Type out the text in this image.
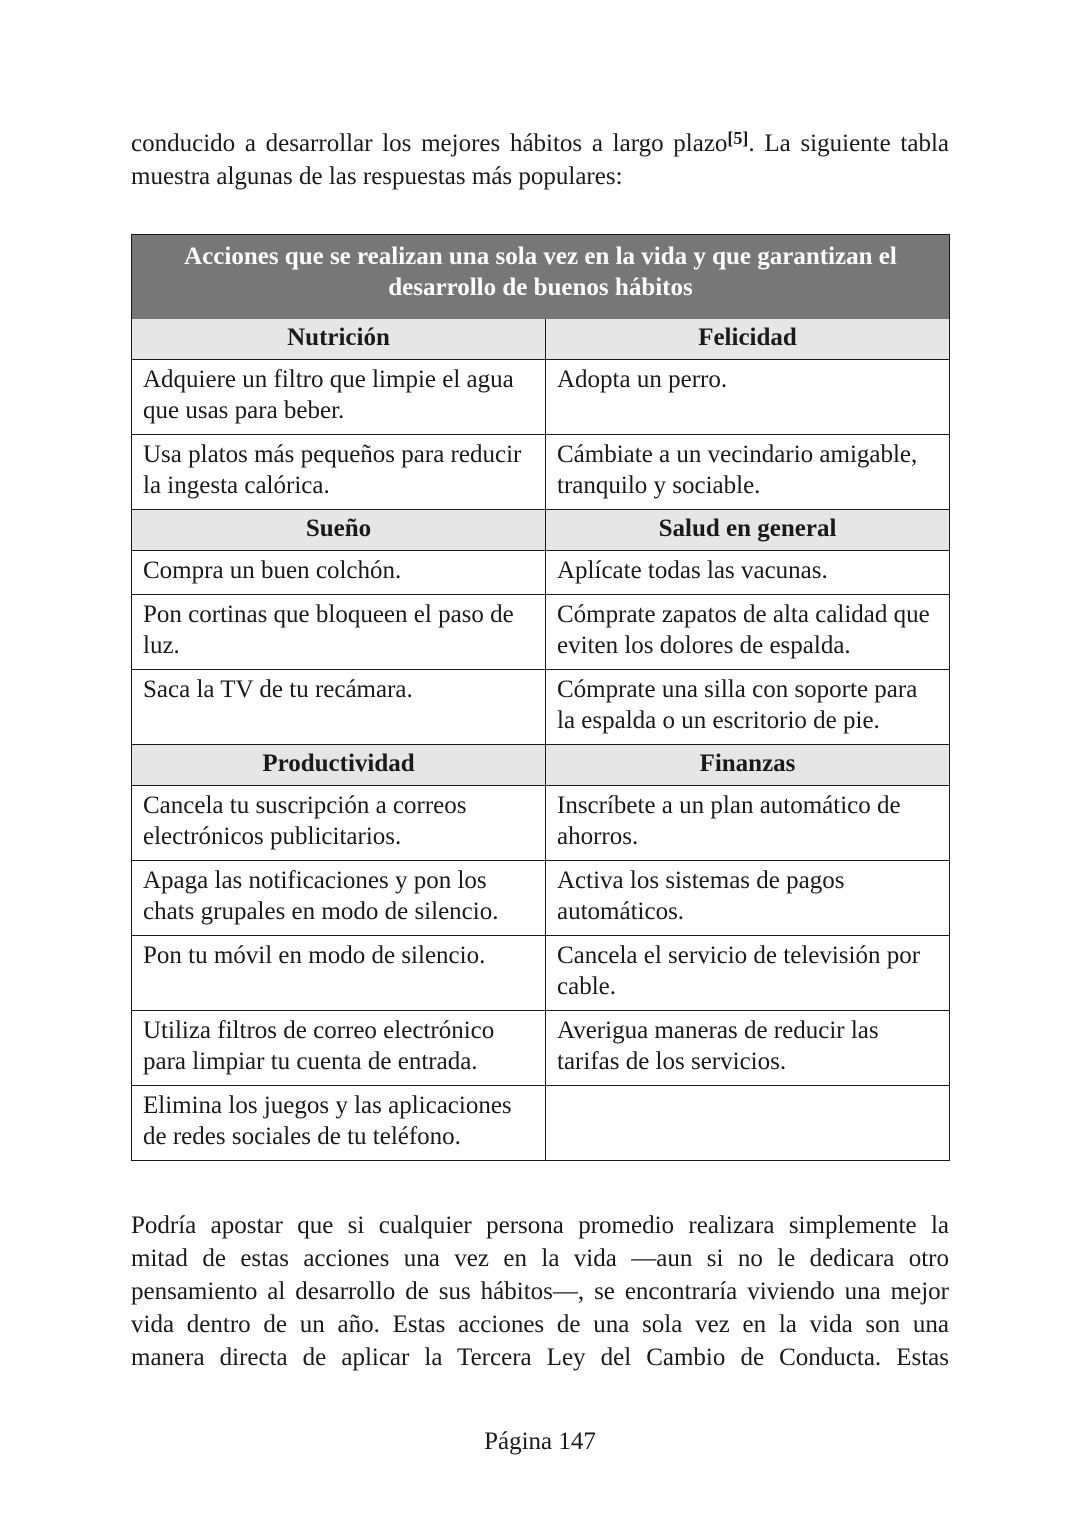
conducido a desarrollar los mejores hábitos a largo plazo[5]. La siguiente tabla
muestra algunas de las respuestas más populares:

Acciones que se realizan una sola vez en la vida y que garantizan el desarrollo de buenos hábitos	
Nutrición	Felicidad
Adquiere un filtro que limpie el agua que usas para beber.	Adopta un perro.
Usa platos más pequeños para reducir la ingesta calórica.	Cámbiate a un vecindario amigable, tranquilo y sociable.
Sueño	Salud en general
Compra un buen colchón.	Aplícate todas las vacunas.
Pon cortinas que bloqueen el paso de luz.	Cómprate zapatos de alta calidad que eviten los dolores de espalda.
Saca la TV de tu recámara.	Cómprate una silla con soporte para la espalda o un escritorio de pie.
Productividad	Finanzas
Cancela tu suscripción a correos electrónicos publicitarios.	Inscríbete a un plan automático de ahorros.
Apaga las notificaciones y pon los chats grupales en modo de silencio.	Activa los sistemas de pagos automáticos.
Pon tu móvil en modo de silencio.	Cancela el servicio de televisión por cable.
Utiliza filtros de correo electrónico para limpiar tu cuenta de entrada.	Averigua maneras de reducir las tarifas de los servicios.
Elimina los juegos y las aplicaciones de redes sociales de tu teléfono.	
Podría apostar que si cualquier persona promedio realizara simplemente la
mitad de estas acciones una vez en la vida —aun si no le dedicara otro
pensamiento al desarrollo de sus hábitos—, se encontraría viviendo una mejor
vida dentro de un año. Estas acciones de una sola vez en la vida son una
manera directa de aplicar la Tercera Ley del Cambio de Conducta. Estas
Página 147
